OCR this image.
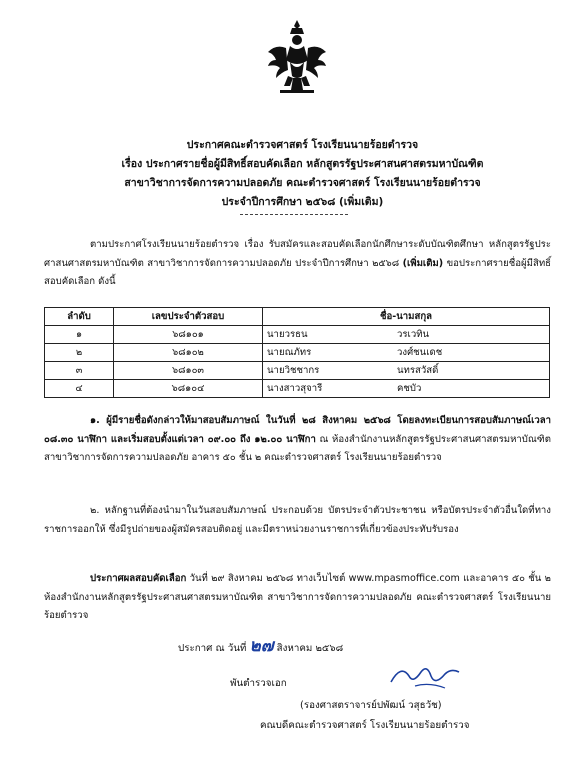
ประกาศคณะตำรวจศาสตร์ โรงเรียนนายร้อยตำรวจ
เรื่อง ประกาศรายชื่อผู้มีสิทธิ์สอบคัดเลือก หลักสูตรรัฐประศาสนศาสตรมหาบัณฑิต
สาขาวิชาการจัดการความปลอดภัย คณะตำรวจศาสตร์ โรงเรียนนายร้อยตำรวจ
ประจำปีการศึกษา ๒๕๖๘ (เพิ่มเติม)
ตามประกาศโรงเรียนนายร้อยตำรวจ เรื่อง รับสมัครและสอบคัดเลือกนักศึกษาระดับบัณฑิตศึกษา หลักสูตรรัฐประศาสนศาสตรมหาบัณฑิต สาขาวิชาการจัดการความปลอดภัย ประจำปีการศึกษา ๒๕๖๘ (เพิ่มเติม) ขอประกาศรายชื่อผู้มีสิทธิ์สอบคัดเลือก ดังนี้
ลำดับ	เลขประจำตัวสอบ	ชื่อ-นามสกุล
๑	๖๘๑๐๑	นายวรธน วรเวทิน

๒	๖๘๑๐๒	นายณภัทร วงศ์ชนเดช

๓	๖๘๑๐๓	นายวิชชากร นทรสวัสดิ์

๔	๖๘๑๐๔	นางสาวสุจารี คชบัว
๑. ผู้มีรายชื่อดังกล่าวให้มาสอบสัมภาษณ์ ในวันที่ ๒๘ สิงหาคม ๒๕๖๘ โดยลงทะเบียนการสอบสัมภาษณ์เวลา ๐๘.๓๐ นาฬิกา และเริ่มสอบตั้งแต่เวลา ๐๙.๐๐ ถึง ๑๒.๐๐ นาฬิกา ณ ห้องสำนักงานหลักสูตรรัฐประศาสนศาสตรมหาบัณฑิต สาขาวิชาการจัดการความปลอดภัย อาคาร ๕๐ ชั้น ๒ คณะตำรวจศาสตร์ โรงเรียนนายร้อยตำรวจ
๒. หลักฐานที่ต้องนำมาในวันสอบสัมภาษณ์ ประกอบด้วย บัตรประจำตัวประชาชน หรือบัตรประจำตัวอื่นใดที่ทางราชการออกให้ ซึ่งมีรูปถ่ายของผู้สมัครสอบติดอยู่ และมีตราหน่วยงานราชการที่เกี่ยวข้องประทับรับรอง
ประกาศผลสอบคัดเลือก วันที่ ๒๙ สิงหาคม ๒๕๖๘ ทางเว็บไซต์ www.mpasmoffice.com และอาคาร ๕๐ ชั้น ๒ ห้องสำนักงานหลักสูตรรัฐประศาสนศาสตรมหาบัณฑิต สาขาวิชาการจัดการความปลอดภัย คณะตำรวจศาสตร์ โรงเรียนนายร้อยตำรวจ
ประกาศ ณ วันที่ ๒๗ สิงหาคม ๒๕๖๘
พันตำรวจเอก
(รองศาสตราจารย์ปพัฒน์ วสุธวัช)
คณบดีคณะตำรวจศาสตร์ โรงเรียนนายร้อยตำรวจ
